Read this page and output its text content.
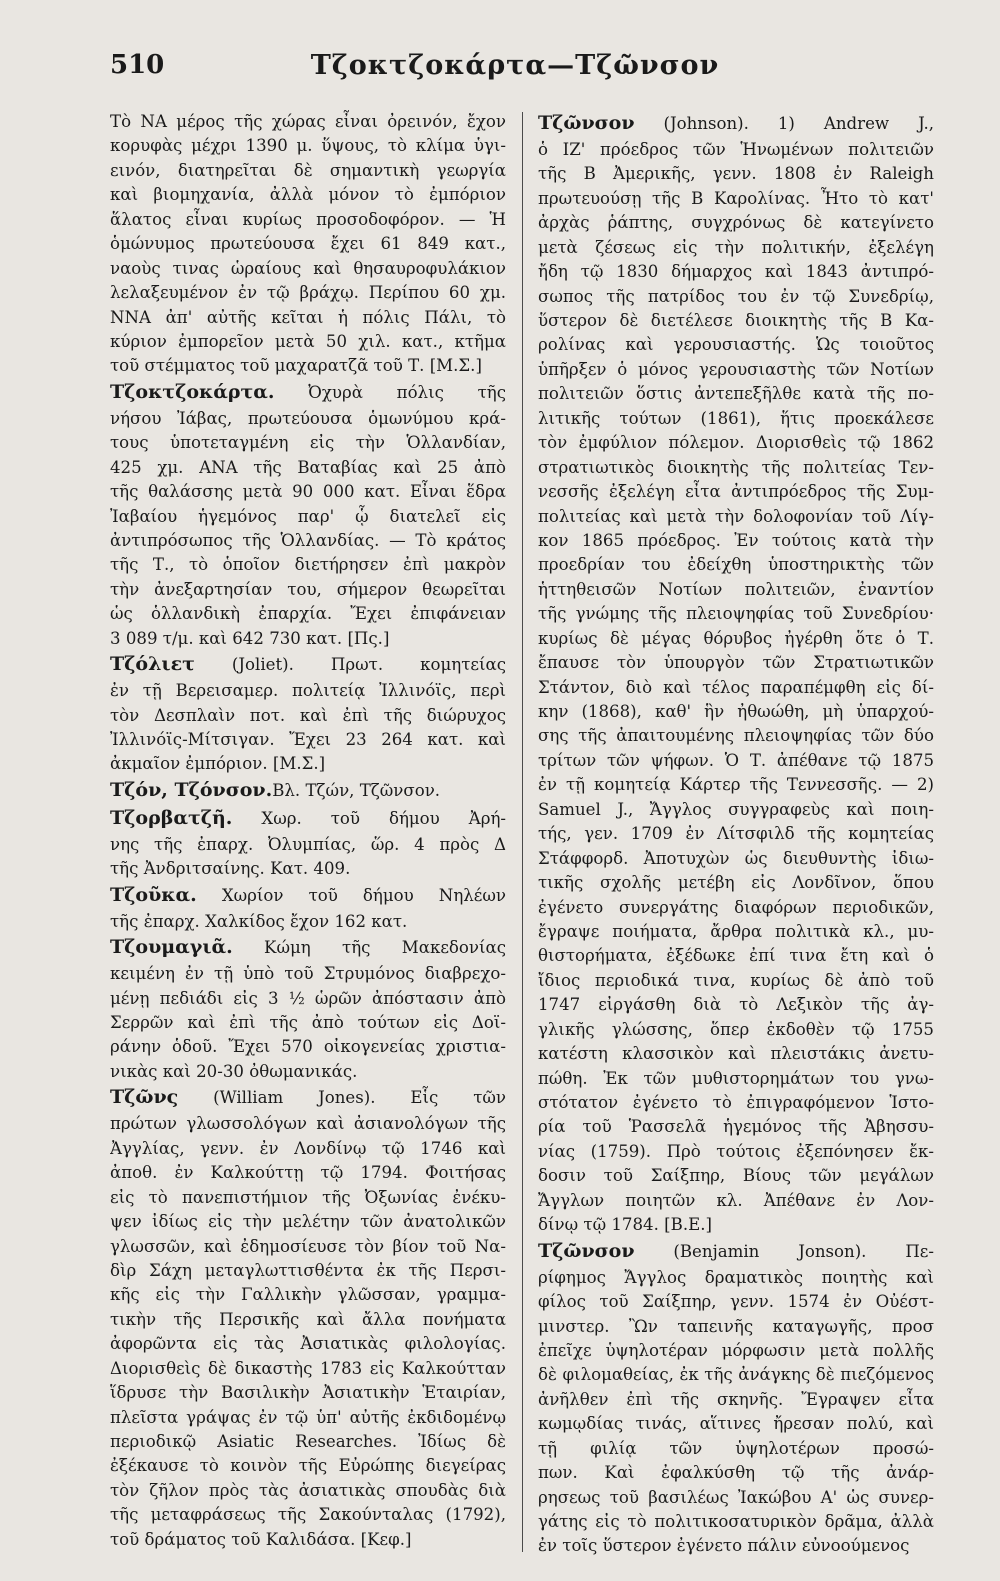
510	Τζοκτζοκάρτα—Τζῶνσον
Τὸ ΝΑ μέρος τῆς χώρας εἶναι ὀρεινόν, ἔχον
κορυφὰς μέχρι 1390 μ. ὕψους, τὸ κλίμα ὑγι-
εινόν, διατηρεῖται δὲ σημαντικὴ γεωργία
καὶ βιομηχανία, ἀλλὰ μόνον τὸ ἐμπόριον
ἅλατος εἶναι κυρίως προσοδοφόρον. — Ἡ
ὁμώνυμος πρωτεύουσα ἔχει 61 849 κατ.,
ναοὺς τινας ὡραίους καὶ θησαυροφυλάκιον
λελαξευμένον ἐν τῷ βράχῳ. Περίπου 60 χμ.
ΝΝΑ ἀπ' αὐτῆς κεῖται ἡ πόλις Πάλι, τὸ
κύριον ἐμπορεῖον μετὰ 50 χιλ. κατ., κτῆμα
τοῦ στέμματος τοῦ μαχαρατζᾶ τοῦ Τ. [Μ.Σ.]
Τζοκτζοκάρτα. Ὀχυρὰ πόλις τῆς
νήσου Ἰάβας, πρωτεύουσα ὁμωνύμου κρά-
τους ὑποτεταγμένη εἰς τὴν Ὁλλανδίαν,
425 χμ. ΑΝΑ τῆς Βαταβίας καὶ 25 ἀπὸ
τῆς θαλάσσης μετὰ 90 000 κατ. Εἶναι ἕδρα
Ἰαβαίου ἡγεμόνος παρ' ᾧ διατελεῖ εἰς
ἀντιπρόσωπος τῆς Ὁλλανδίας. — Τὸ κράτος
τῆς Τ., τὸ ὁποῖον διετήρησεν ἐπὶ μακρὸν
τὴν ἀνεξαρτησίαν του, σήμερον θεωρεῖται
ὡς ὁλλανδικὴ ἐπαρχία. Ἔχει ἐπιφάνειαν
3 089 τ/μ. καὶ 642 730 κατ. [Πς.]
Τζόλιετ (Joliet). Πρωτ. κομητείας
ἐν τῇ Βερεισαμερ. πολιτείᾳ Ἰλλινόϊς, περὶ
τὸν Δεσπλαὶν ποτ. καὶ ἐπὶ τῆς διώρυχος
Ἰλλινόϊς-Μίτσιγαν. Ἔχει 23 264 κατ. καὶ
ἀκμαῖον ἐμπόριον. [Μ.Σ.]
Τζόν, Τζόνσον.Βλ. Τζών, Τζῶνσον.
Τζορβατζῆ. Χωρ. τοῦ δήμου Ἀρή-
νης τῆς ἐπαρχ. Ὀλυμπίας, ὥρ. 4 πρὸς Δ
τῆς Ἀνδριτσαίνης. Κατ. 409.
Τζοῦκα. Χωρίον τοῦ δήμου Νηλέων
τῆς ἐπαρχ. Χαλκίδος ἔχον 162 κατ.
Τζουμαγιᾶ. Κώμη τῆς Μακεδονίας
κειμένη ἐν τῇ ὑπὸ τοῦ Στρυμόνος διαβρεχο-
μένῃ πεδιάδι εἰς 3 ½ ὡρῶν ἀπόστασιν ἀπὸ
Σερρῶν καὶ ἐπὶ τῆς ἀπὸ τούτων εἰς Δοϊ-
ράνην ὁδοῦ. Ἔχει 570 οἰκογενείας χριστια-
νικὰς καὶ 20-30 ὀθωμανικάς.
Τζῶνς (William Jones). Εἷς τῶν
πρώτων γλωσσολόγων καὶ ἀσιανολόγων τῆς
Ἀγγλίας, γενν. ἐν Λονδίνῳ τῷ 1746 καὶ
ἀποθ. ἐν Καλκούττῃ τῷ 1794. Φοιτήσας
εἰς τὸ πανεπιστήμιον τῆς Ὀξωνίας ἐνέκυ-
ψεν ἰδίως εἰς τὴν μελέτην τῶν ἀνατολικῶν
γλωσσῶν, καὶ ἐδημοσίευσε τὸν βίον τοῦ Να-
δὶρ Σάχη μεταγλωττισθέντα ἐκ τῆς Περσι-
κῆς εἰς τὴν Γαλλικὴν γλῶσσαν, γραμμα-
τικὴν τῆς Περσικῆς καὶ ἄλλα πονήματα
ἀφορῶντα εἰς τὰς Ἀσιατικὰς φιλολογίας.
Διορισθεὶς δὲ δικαστὴς 1783 εἰς Καλκούτταν
ἵδρυσε τὴν Βασιλικὴν Ἀσιατικὴν Ἑταιρίαν,
πλεῖστα γράψας ἐν τῷ ὑπ' αὐτῆς ἐκδιδομένῳ
περιοδικῷ Asiatic Researches. Ἰδίως δὲ
ἐξέκαυσε τὸ κοινὸν τῆς Εὐρώπης διεγείρας
τὸν ζῆλον πρὸς τὰς ἀσιατικὰς σπουδὰς διὰ
τῆς μεταφράσεως τῆς Σακούνταλας (1792),
τοῦ δράματος τοῦ Καλιδάσα. [Κεφ.]
Τζῶνσον (Johnson). 1) Andrew J.,
ὁ ΙΖ' πρόεδρος τῶν Ἡνωμένων πολιτειῶν
τῆς Β Ἀμερικῆς, γενν. 1808 ἐν Raleigh
πρωτευούσῃ τῆς Β Καρολίνας. Ἦτο τὸ κατ'
ἀρχὰς ῥάπτης, συγχρόνως δὲ κατεγίνετο
μετὰ ζέσεως εἰς τὴν πολιτικήν, ἐξελέγη
ἤδη τῷ 1830 δήμαρχος καὶ 1843 ἀντιπρό-
σωπος τῆς πατρίδος του ἐν τῷ Συνεδρίῳ,
ὕστερον δὲ διετέλεσε διοικητὴς τῆς Β Κα-
ρολίνας καὶ γερουσιαστής. Ὡς τοιοῦτος
ὑπῆρξεν ὁ μόνος γερουσιαστὴς τῶν Νοτίων
πολιτειῶν ὅστις ἀντεπεξῆλθε κατὰ τῆς πο-
λιτικῆς τούτων (1861), ἥτις προεκάλεσε
τὸν ἐμφύλιον πόλεμον. Διορισθεὶς τῷ 1862
στρατιωτικὸς διοικητὴς τῆς πολιτείας Τεν-
νεσσῆς ἐξελέγη εἶτα ἀντιπρόεδρος τῆς Συμ-
πολιτείας καὶ μετὰ τὴν δολοφονίαν τοῦ Λίγ-
κον 1865 πρόεδρος. Ἐν τούτοις κατὰ τὴν
προεδρίαν του ἐδείχθη ὑποστηρικτὴς τῶν
ἡττηθεισῶν Νοτίων πολιτειῶν, ἐναντίον
τῆς γνώμης τῆς πλειοψηφίας τοῦ Συνεδρίου·
κυρίως δὲ μέγας θόρυβος ἠγέρθη ὅτε ὁ Τ.
ἔπαυσε τὸν ὑπουργὸν τῶν Στρατιωτικῶν
Στάντον, διὸ καὶ τέλος παραπέμφθη εἰς δί-
κην (1868), καθ' ἣν ἠθωώθη, μὴ ὑπαρχού-
σης τῆς ἀπαιτουμένης πλειοψηφίας τῶν δύο
τρίτων τῶν ψήφων. Ὁ Τ. ἀπέθανε τῷ 1875
ἐν τῇ κομητείᾳ Κάρτερ τῆς Τεννεσσῆς. — 2)
Samuel J., Ἄγγλος συγγραφεὺς καὶ ποιη-
τής, γεν. 1709 ἐν Λίτσφιλδ τῆς κομητείας
Στάφφορδ. Ἀποτυχὼν ὡς διευθυντὴς ἰδιω-
τικῆς σχολῆς μετέβη εἰς Λονδῖνον, ὅπου
ἐγένετο συνεργάτης διαφόρων περιοδικῶν,
ἔγραψε ποιήματα, ἄρθρα πολιτικὰ κλ., μυ-
θιστορήματα, ἐξέδωκε ἐπί τινα ἔτη καὶ ὁ
ἴδιος περιοδικά τινα, κυρίως δὲ ἀπὸ τοῦ
1747 εἰργάσθη διὰ τὸ Λεξικὸν τῆς ἀγ-
γλικῆς γλώσσης, ὅπερ ἐκδοθὲν τῷ 1755
κατέστη κλασσικὸν καὶ πλειστάκις ἀνετυ-
πώθη. Ἐκ τῶν μυθιστορημάτων του γνω-
στότατον ἐγένετο τὸ ἐπιγραφόμενον Ἱστο-
ρία τοῦ Ῥασσελᾶ ἡγεμόνος τῆς Ἀβησσυ-
νίας (1759). Πρὸ τούτοις ἐξεπόνησεν ἔκ-
δοσιν τοῦ Σαίξπηρ, Βίους τῶν μεγάλων
Ἄγγλων ποιητῶν κλ. Ἀπέθανε ἐν Λον-
δίνῳ τῷ 1784. [Β.Ε.]
Τζῶνσον (Benjamin Jonson). Πε-
ρίφημος Ἄγγλος δραματικὸς ποιητὴς καὶ
φίλος τοῦ Σαίξπηρ, γενν. 1574 ἐν Οὐέστ-
μινστερ. Ὢν ταπεινῆς καταγωγῆς, προσ
ἐπεῖχε ὑψηλοτέραν μόρφωσιν μετὰ πολλῆς
δὲ φιλομαθείας, ἐκ τῆς ἀνάγκης δὲ πιεζόμενος
ἀνῆλθεν ἐπὶ τῆς σκηνῆς. Ἔγραψεν εἶτα
κωμῳδίας τινάς, αἵτινες ἤρεσαν πολύ, καὶ
τῇ φιλίᾳ τῶν ὑψηλοτέρων προσώ-
πων. Καὶ ἐφαλκύσθη τῷ τῆς ἀνάρ-
ρησεως τοῦ βασιλέως Ἰακώβου Α' ὡς συνερ-
γάτης εἰς τὸ πολιτικοσατυρικὸν δρᾶμα, ἀλλὰ
ἐν τοῖς ὕστερον ἐγένετο πάλιν εὐνοούμενος
